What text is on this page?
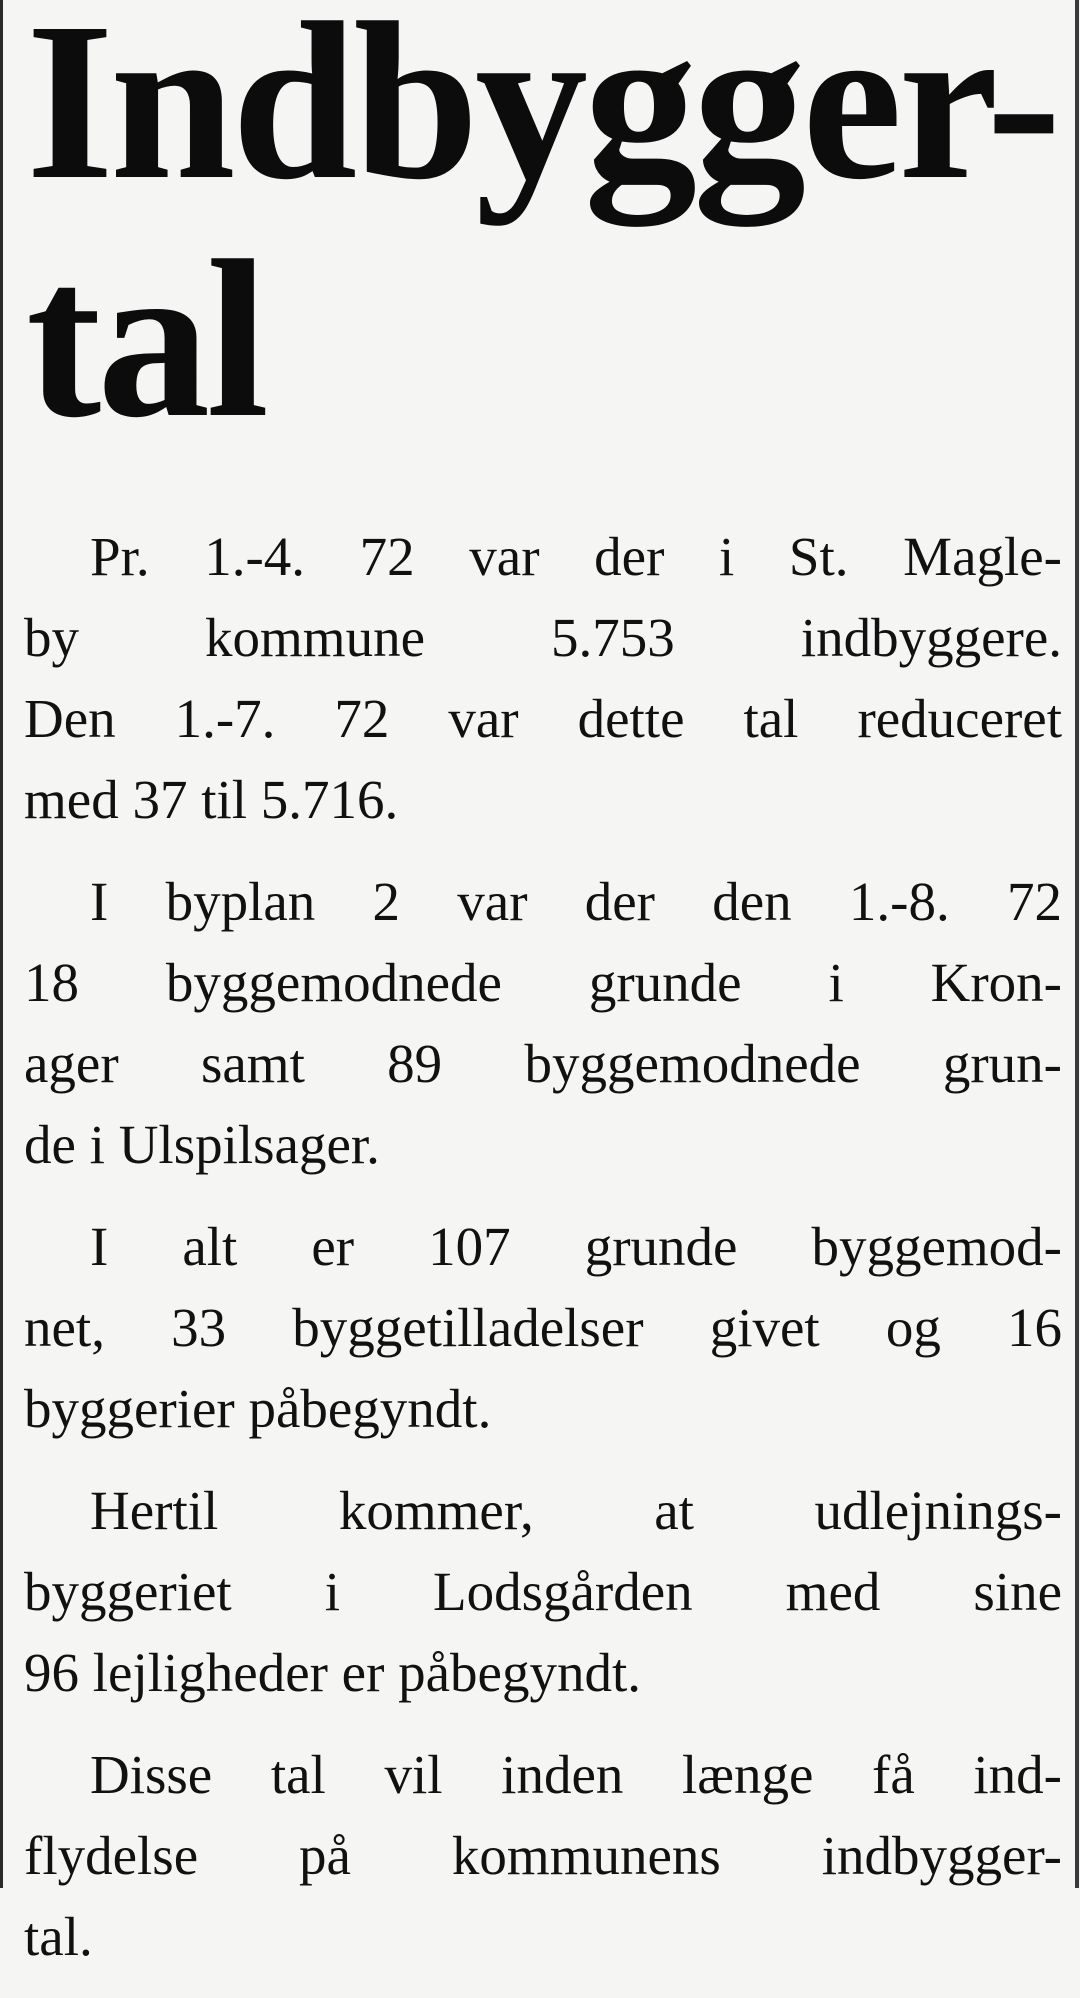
Indbygger-
tal

Pr. 1.-4. 72 var der i St. Magle-
by kommune 5.753 indbyggere.
Den 1.-7. 72 var dette tal reduceret
med 37 til 5.716.

I byplan 2 var der den 1.-8. 72
18 byggemodnede grunde i Kron-
ager samt 89 byggemodnede grun-
de i Ulspilsager.

I alt er 107 grunde byggemod-
net, 33 byggetilladelser givet og 16
byggerier påbegyndt.

Hertil kommer, at udlejnings-
byggeriet i Lodsgården med sine
96 lejligheder er påbegyndt.

Disse tal vil inden længe få ind-
flydelse på kommunens indbygger-
tal.
